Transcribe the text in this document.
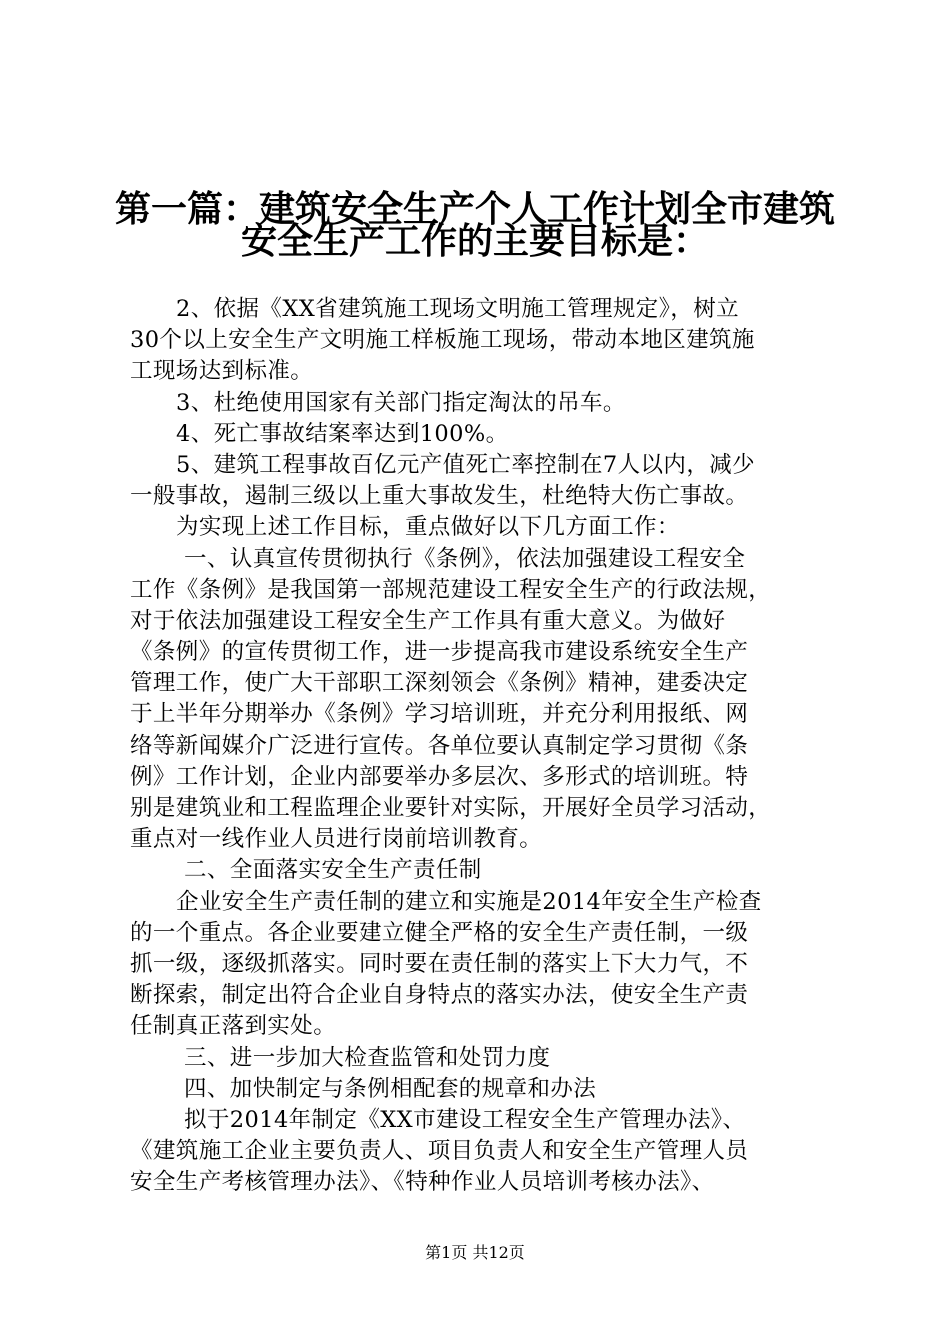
第一篇：建筑安全生产个人工作计划全市建筑
安全生产工作的主要目标是：
2、依据《XX省建筑施工现场文明施工管理规定》，树立
30个以上安全生产文明施工样板施工现场，带动本地区建筑施
工现场达到标准。
3、杜绝使用国家有关部门指定淘汰的吊车。
4、死亡事故结案率达到100%。
5、建筑工程事故百亿元产值死亡率控制在7人以内，减少
一般事故，遏制三级以上重大事故发生，杜绝特大伤亡事故。
为实现上述工作目标，重点做好以下几方面工作：
一、认真宣传贯彻执行《条例》，依法加强建设工程安全
工作《条例》是我国第一部规范建设工程安全生产的行政法规，
对于依法加强建设工程安全生产工作具有重大意义。为做好
《条例》的宣传贯彻工作，进一步提高我市建设系统安全生产
管理工作，使广大干部职工深刻领会《条例》精神，建委决定
于上半年分期举办《条例》学习培训班，并充分利用报纸、网
络等新闻媒介广泛进行宣传。各单位要认真制定学习贯彻《条
例》工作计划，企业内部要举办多层次、多形式的培训班。特
别是建筑业和工程监理企业要针对实际，开展好全员学习活动，
重点对一线作业人员进行岗前培训教育。
二、全面落实安全生产责任制
企业安全生产责任制的建立和实施是2014年安全生产检查
的一个重点。各企业要建立健全严格的安全生产责任制，一级
抓一级，逐级抓落实。同时要在责任制的落实上下大力气，不
断探索，制定出符合企业自身特点的落实办法，使安全生产责
任制真正落到实处。
三、进一步加大检查监管和处罚力度
四、加快制定与条例相配套的规章和办法
拟于2014年制定《XX市建设工程安全生产管理办法》、
《建筑施工企业主要负责人、项目负责人和安全生产管理人员
安全生产考核管理办法》、《特种作业人员培训考核办法》、
第1页 共12页
